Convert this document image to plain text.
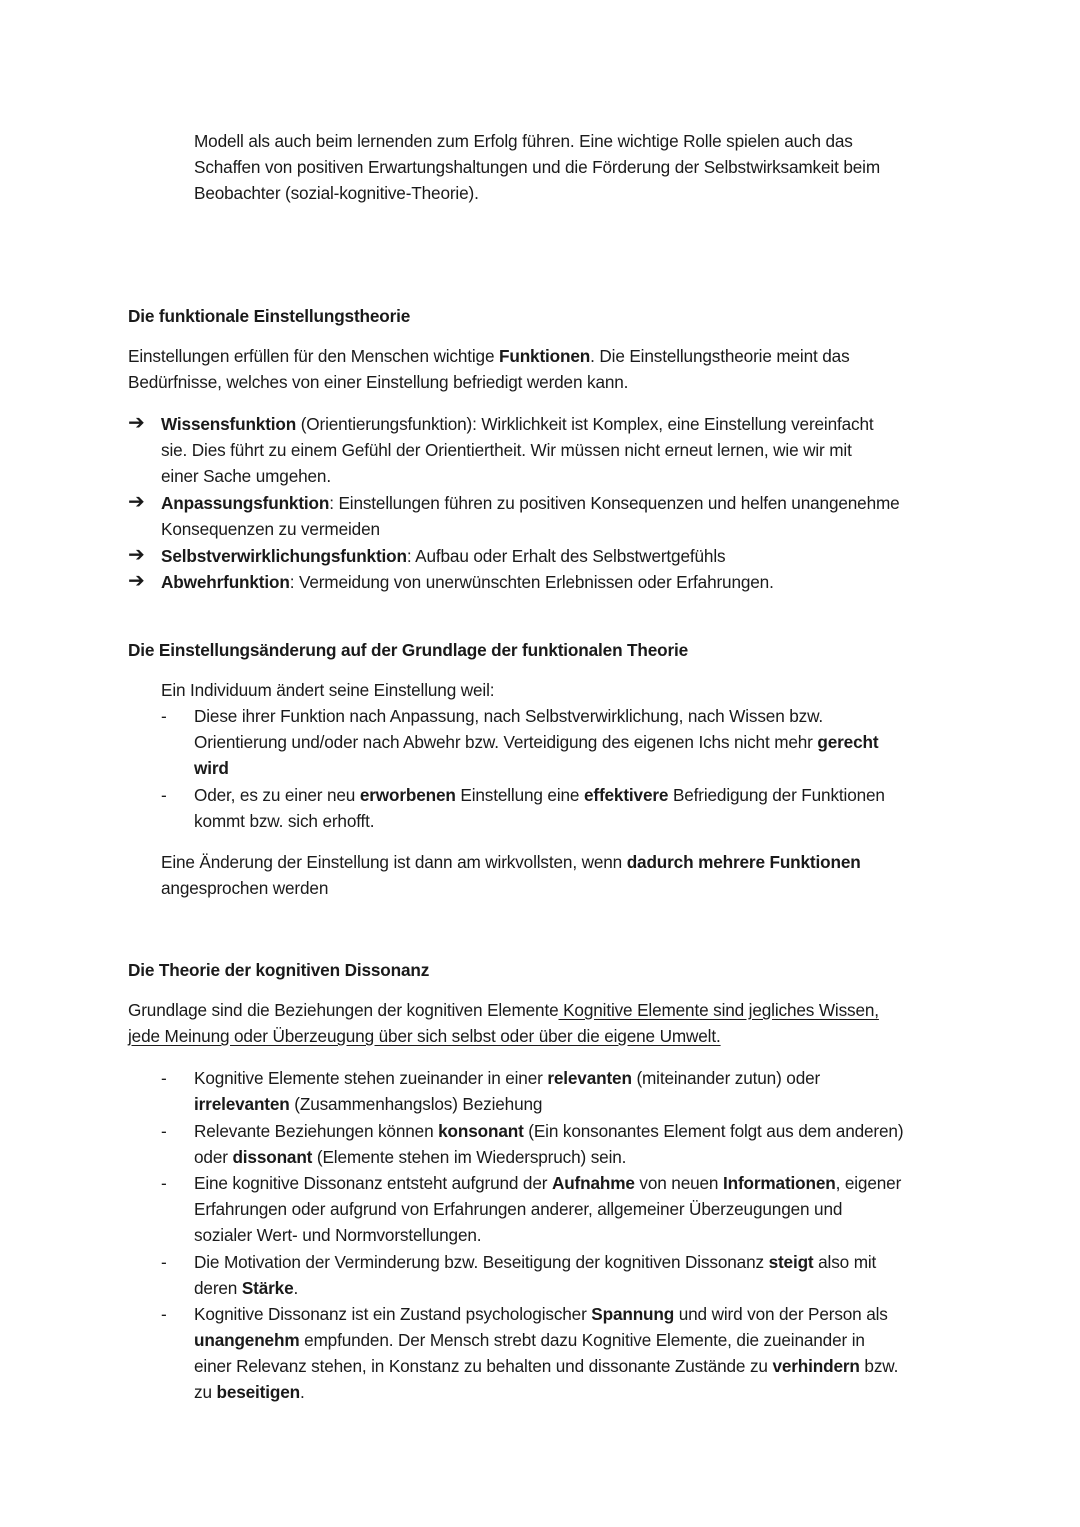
Modell als auch beim lernenden zum Erfolg führen. Eine wichtige Rolle spielen auch das
Schaffen von positiven Erwartungshaltungen und die Förderung der Selbstwirksamkeit beim
Beobachter (sozial-kognitive-Theorie).
Die funktionale Einstellungstheorie
Einstellungen erfüllen für den Menschen wichtige Funktionen. Die Einstellungstheorie meint das
Bedürfnisse, welches von einer Einstellung befriedigt werden kann.
➔ Wissensfunktion (Orientierungsfunktion): Wirklichkeit ist Komplex, eine Einstellung vereinfacht
sie. Dies führt zu einem Gefühl der Orientiertheit. Wir müssen nicht erneut lernen, wie wir mit
einer Sache umgehen.
➔ Anpassungsfunktion: Einstellungen führen zu positiven Konsequenzen und helfen unangenehme
Konsequenzen zu vermeiden
➔ Selbstverwirklichungsfunktion: Aufbau oder Erhalt des Selbstwertgefühls
➔ Abwehrfunktion: Vermeidung von unerwünschten Erlebnissen oder Erfahrungen.
Die Einstellungsänderung auf der Grundlage der funktionalen Theorie
Ein Individuum ändert seine Einstellung weil:
- Diese ihrer Funktion nach Anpassung, nach Selbstverwirklichung, nach Wissen bzw.
Orientierung und/oder nach Abwehr bzw. Verteidigung des eigenen Ichs nicht mehr gerecht
wird
- Oder, es zu einer neu erworbenen Einstellung eine effektivere Befriedigung der Funktionen
kommt bzw. sich erhofft.
Eine Änderung der Einstellung ist dann am wirkvollsten, wenn dadurch mehrere Funktionen
angesprochen werden
Die Theorie der kognitiven Dissonanz
Grundlage sind die Beziehungen der kognitiven Elemente Kognitive Elemente sind jegliches Wissen,
jede Meinung oder Überzeugung über sich selbst oder über die eigene Umwelt.
- Kognitive Elemente stehen zueinander in einer relevanten (miteinander zutun) oder
irrelevanten (Zusammenhangslos) Beziehung
- Relevante Beziehungen können konsonant (Ein konsonantes Element folgt aus dem anderen)
oder dissonant (Elemente stehen im Wiederspruch) sein.
- Eine kognitive Dissonanz entsteht aufgrund der Aufnahme von neuen Informationen, eigener
Erfahrungen oder aufgrund von Erfahrungen anderer, allgemeiner Überzeugungen und
sozialer Wert- und Normvorstellungen.
- Die Motivation der Verminderung bzw. Beseitigung der kognitiven Dissonanz steigt also mit
deren Stärke.
- Kognitive Dissonanz ist ein Zustand psychologischer Spannung und wird von der Person als
unangenehm empfunden. Der Mensch strebt dazu Kognitive Elemente, die zueinander in
einer Relevanz stehen, in Konstanz zu behalten und dissonante Zustände zu verhindern bzw.
zu beseitigen.
